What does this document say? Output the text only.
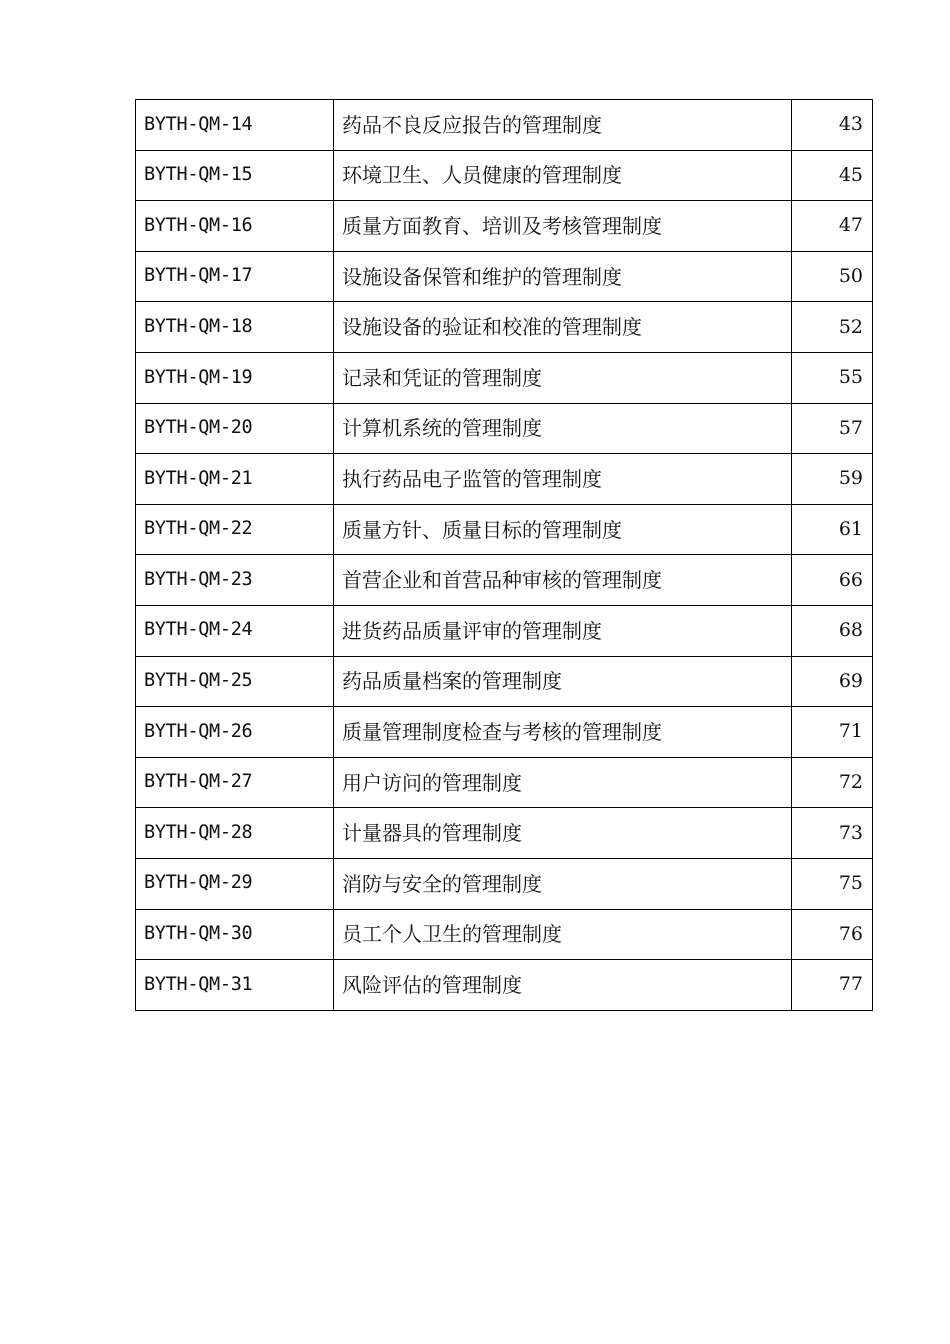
BYTH-QM-14	药品不良反应报告的管理制度	43
BYTH-QM-15	环境卫生、人员健康的管理制度	45
BYTH-QM-16	质量方面教育、培训及考核管理制度	47
BYTH-QM-17	设施设备保管和维护的管理制度	50
BYTH-QM-18	设施设备的验证和校准的管理制度	52
BYTH-QM-19	记录和凭证的管理制度	55
BYTH-QM-20	计算机系统的管理制度	57
BYTH-QM-21	执行药品电子监管的管理制度	59
BYTH-QM-22	质量方针、质量目标的管理制度	61
BYTH-QM-23	首营企业和首营品种审核的管理制度	66
BYTH-QM-24	进货药品质量评审的管理制度	68
BYTH-QM-25	药品质量档案的管理制度	69
BYTH-QM-26	质量管理制度检查与考核的管理制度	71
BYTH-QM-27	用户访问的管理制度	72
BYTH-QM-28	计量器具的管理制度	73
BYTH-QM-29	消防与安全的管理制度	75
BYTH-QM-30	员工个人卫生的管理制度	76
BYTH-QM-31	风险评估的管理制度	77
